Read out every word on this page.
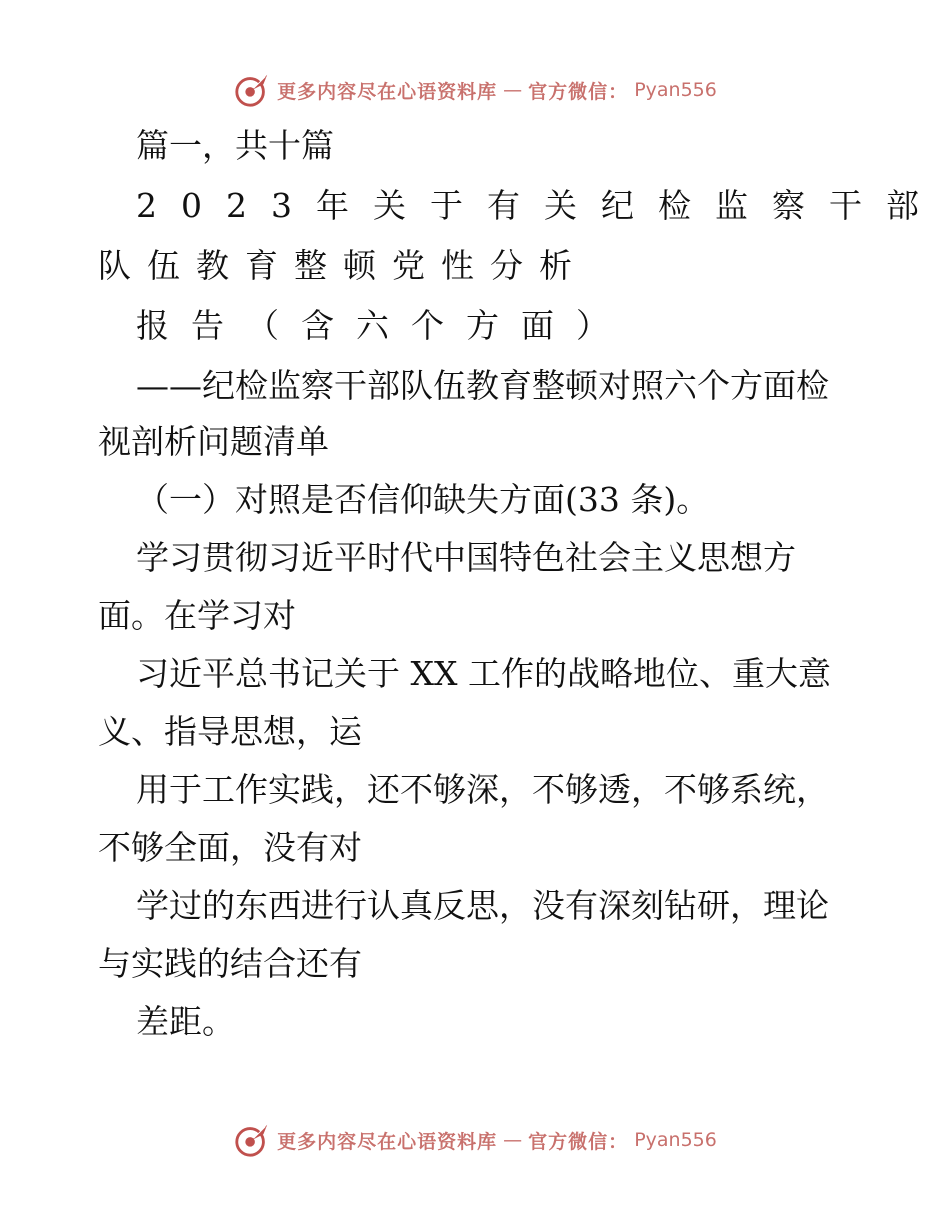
更多内容尽在心语资料库 — 官方微信： Pyan556
篇一，共十篇
2023年关于有关纪检监察干部
队伍教育整顿党性分析
报告（含六个方面）
——纪检监察干部队伍教育整顿对照六个方面检
视剖析问题清单
（一）对照是否信仰缺失方面(33 条)。
学习贯彻习近平时代中国特色社会主义思想方
面。在学习对
习近平总书记关于 XX 工作的战略地位、重大意
义、指导思想，运
用于工作实践，还不够深，不够透，不够系统，
不够全面，没有对
学过的东西进行认真反思，没有深刻钻研，理论
与实践的结合还有
差距。
更多内容尽在心语资料库 — 官方微信： Pyan556
